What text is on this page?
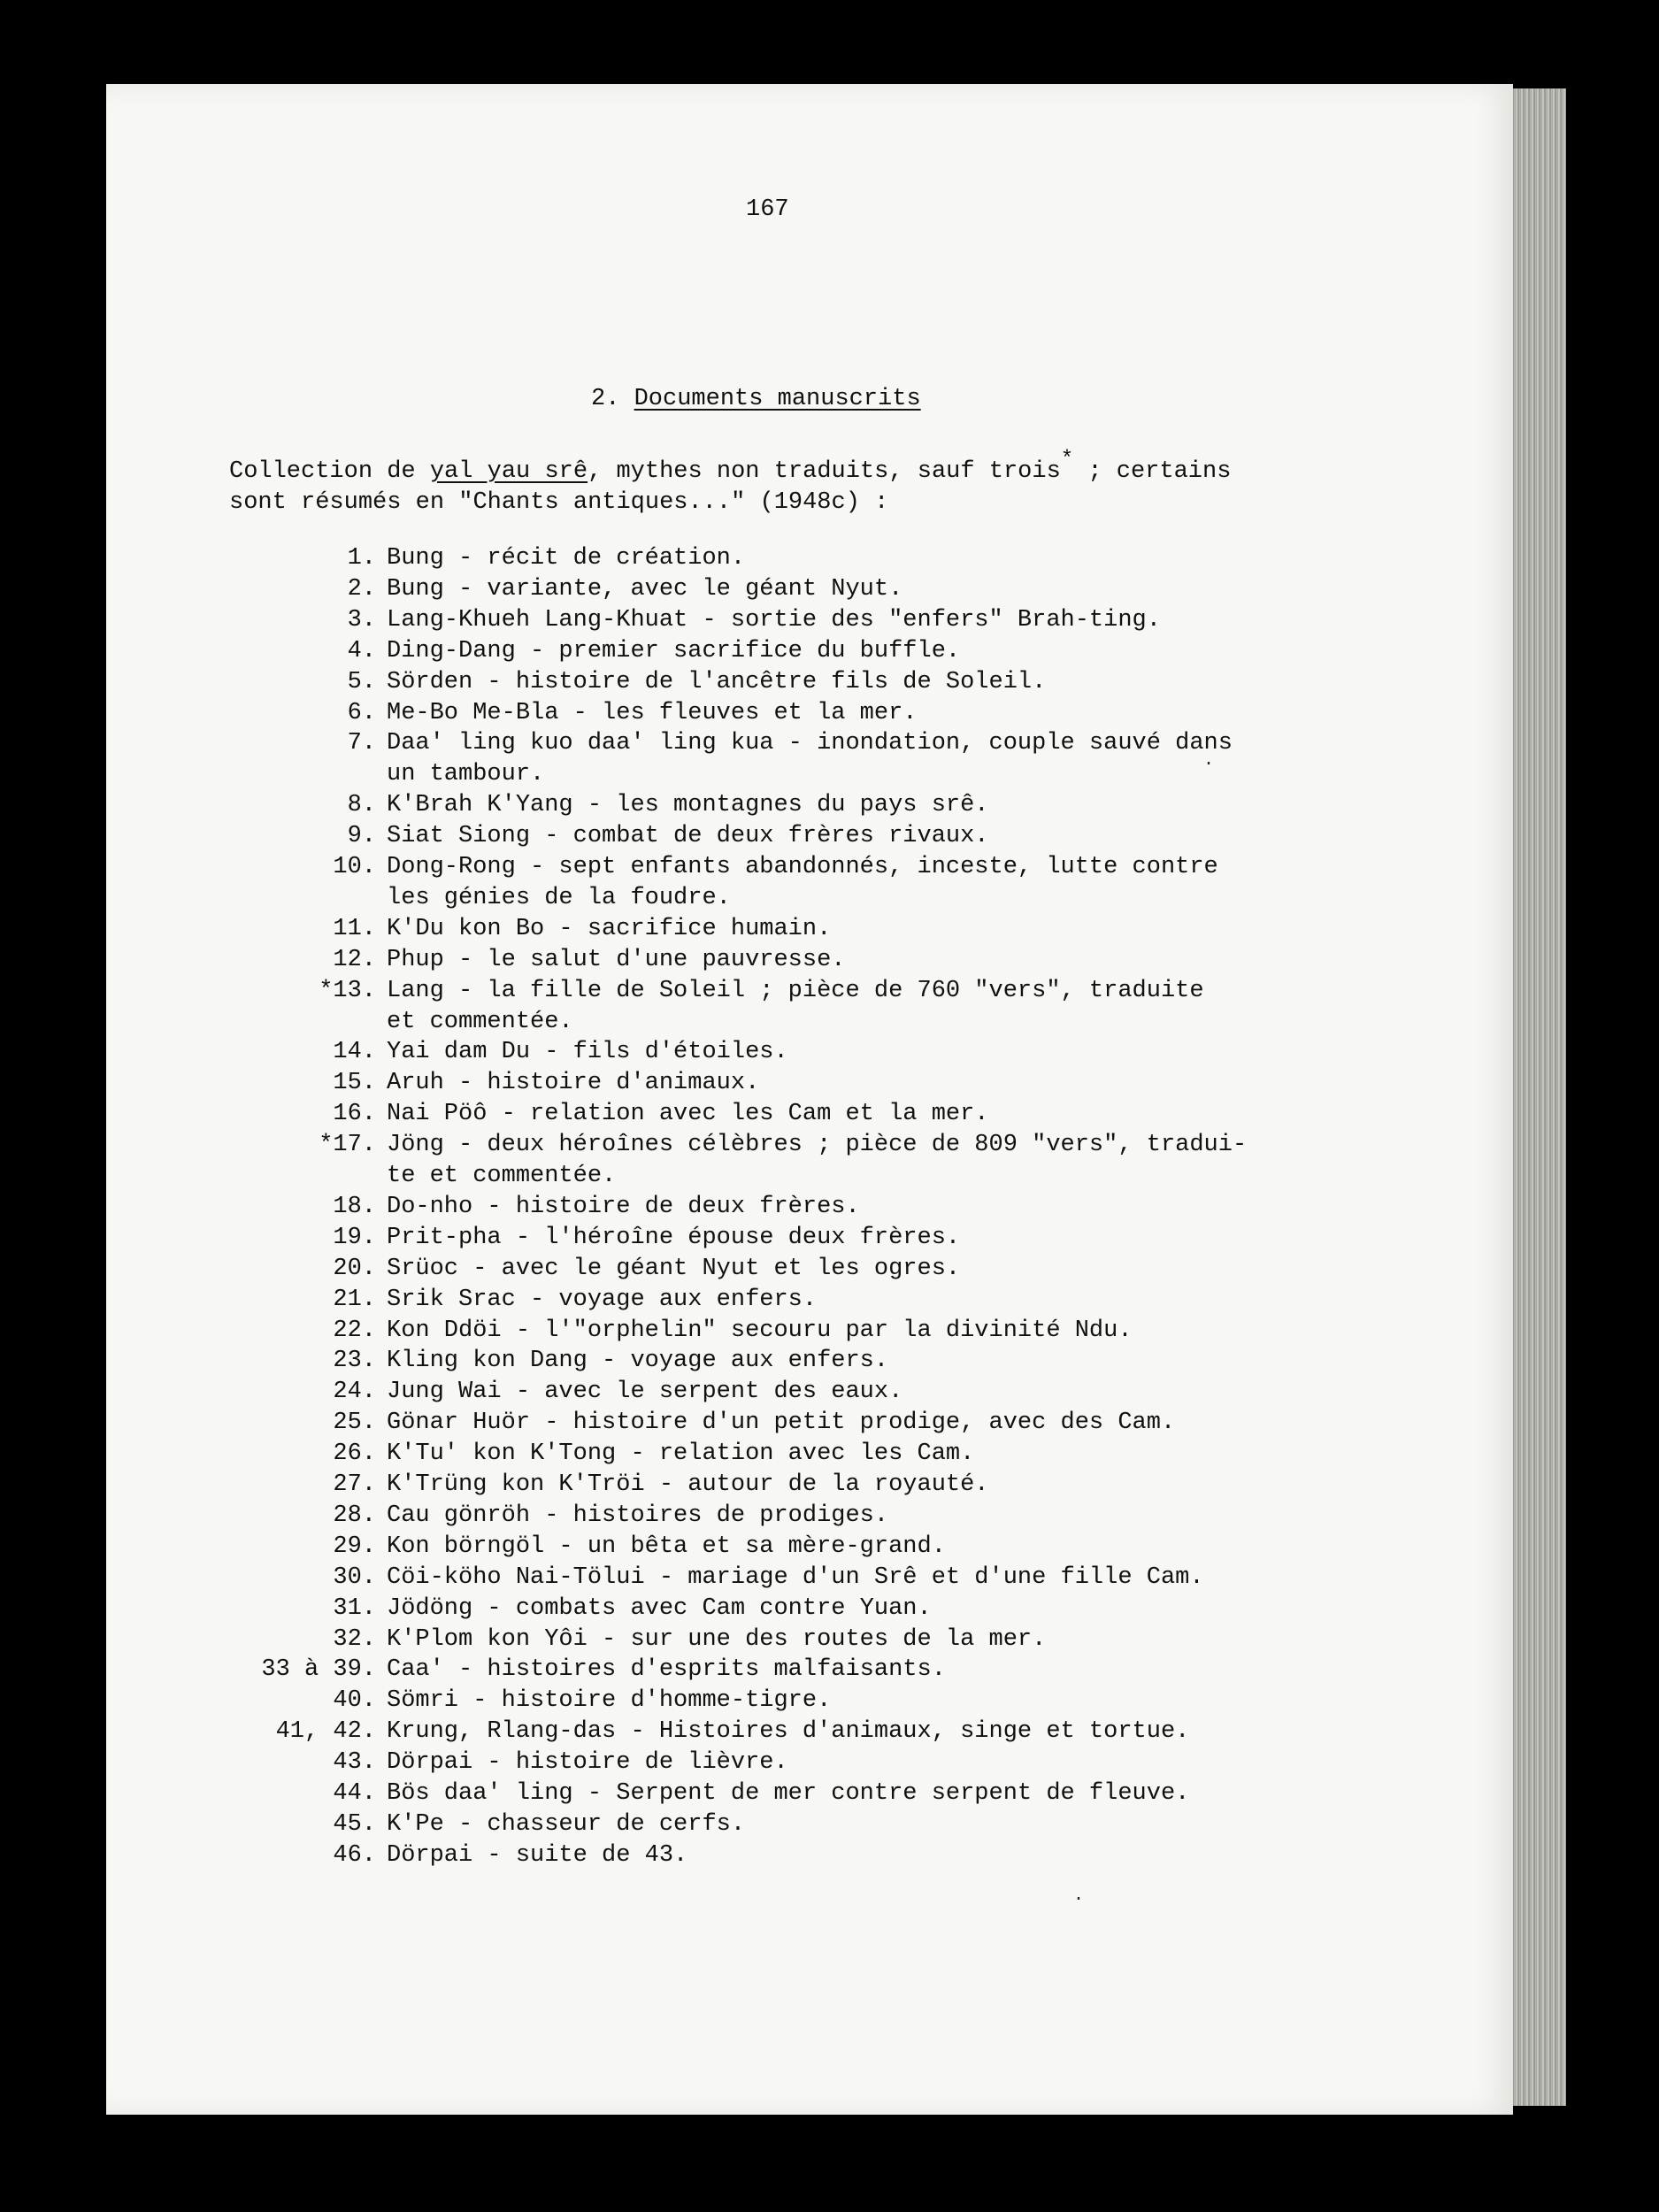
167
2. Documents manuscrits
Collection de yal yau srê, mythes non traduits, sauf trois* ; certains
sont résumés en "Chants antiques..." (1948c) :
1. Bung - récit de création.
2. Bung - variante, avec le géant Nyut.
3. Lang-Khueh Lang-Khuat - sortie des "enfers" Brah-ting.
4. Ding-Dang - premier sacrifice du buffle.
5. Sörden - histoire de l'ancêtre fils de Soleil.
6. Me-Bo Me-Bla - les fleuves et la mer.
7. Daa' ling kuo daa' ling kua - inondation, couple sauvé dans
un tambour.
8. K'Brah K'Yang - les montagnes du pays srê.
9. Siat Siong - combat de deux frères rivaux.
10. Dong-Rong - sept enfants abandonnés, inceste, lutte contre
les génies de la foudre.
11. K'Du kon Bo - sacrifice humain.
12. Phup - le salut d'une pauvresse.
*13. Lang - la fille de Soleil ; pièce de 760 "vers", traduite
et commentée.
14. Yai dam Du - fils d'étoiles.
15. Aruh - histoire d'animaux.
16. Nai Pöô - relation avec les Cam et la mer.
*17. Jöng - deux héroînes célèbres ; pièce de 809 "vers", tradui-
te et commentée.
18. Do-nho - histoire de deux frères.
19. Prit-pha - l'héroîne épouse deux frères.
20. Srüoc - avec le géant Nyut et les ogres.
21. Srik Srac - voyage aux enfers.
22. Kon Ddöi - l'"orphelin" secouru par la divinité Ndu.
23. Kling kon Dang - voyage aux enfers.
24. Jung Wai - avec le serpent des eaux.
25. Gönar Huör - histoire d'un petit prodige, avec des Cam.
26. K'Tu' kon K'Tong - relation avec les Cam.
27. K'Trüng kon K'Tröi - autour de la royauté.
28. Cau gönröh - histoires de prodiges.
29. Kon börngöl - un bêta et sa mère-grand.
30. Cöi-köho Nai-Tölui - mariage d'un Srê et d'une fille Cam.
31. Jödöng - combats avec Cam contre Yuan.
32. K'Plom kon Yôi - sur une des routes de la mer.
33 à 39. Caa' - histoires d'esprits malfaisants.
40. Sömri - histoire d'homme-tigre.
41, 42. Krung, Rlang-das - Histoires d'animaux, singe et tortue.
43. Dörpai - histoire de lièvre.
44. Bös daa' ling - Serpent de mer contre serpent de fleuve.
45. K'Pe - chasseur de cerfs.
46. Dörpai - suite de 43.
·
·
